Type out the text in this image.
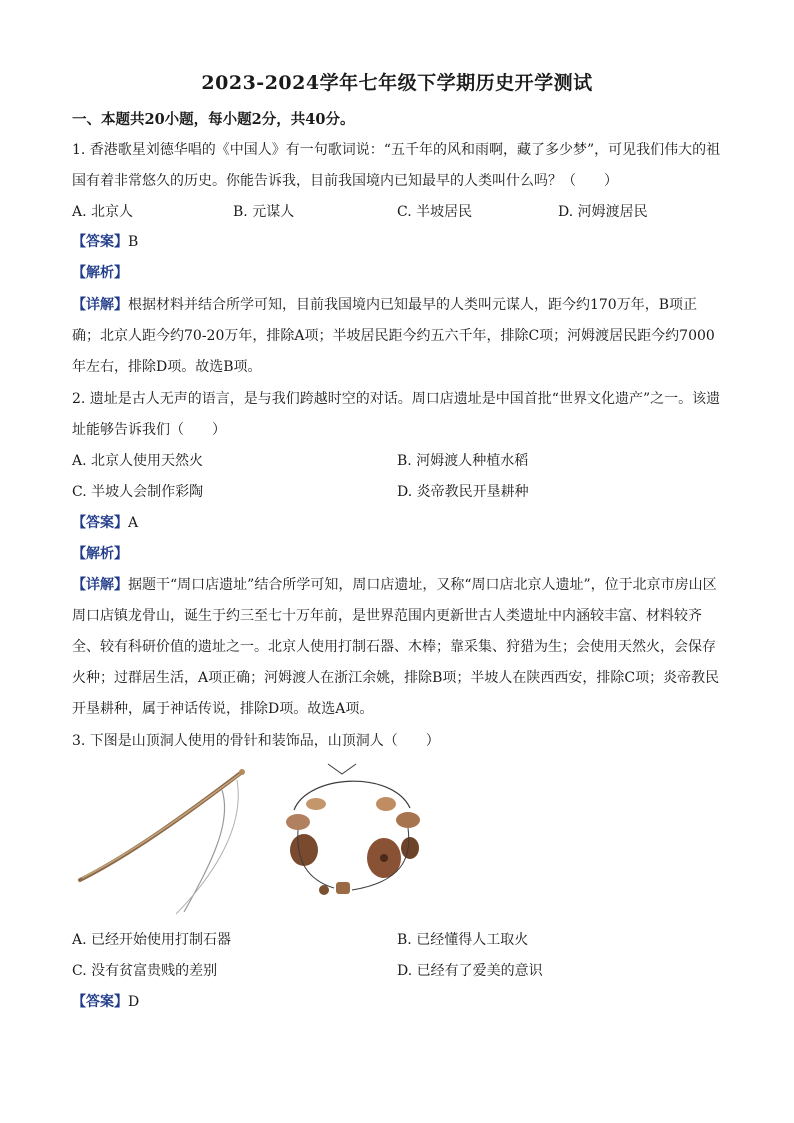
2023-2024学年七年级下学期历史开学测试
一、本题共20小题，每小题2分，共40分。

1. 香港歌星刘德华唱的《中国人》有一句歌词说：“五千年的风和雨啊，藏了多少梦”，可见我们伟大的祖国有着非常悠久的历史。你能告诉我，目前我国境内已知最早的人类叫什么吗？（　　）

A. 北京人	B. 元谋人	C. 半坡居民	D. 河姆渡居民
【答案】B
【解析】

【详解】根据材料并结合所学可知，目前我国境内已知最早的人类叫元谋人，距今约170万年，B项正确；北京人距今约70-20万年，排除A项；半坡居民距今约五六千年，排除C项；河姆渡居民距今约7000年左右，排除D项。故选B项。

2. 遗址是古人无声的语言，是与我们跨越时空的对话。周口店遗址是中国首批“世界文化遗产”之一。该遗址能够告诉我们（　　）

A. 北京人使用天然火	B. 河姆渡人种植水稻
C. 半坡人会制作彩陶	D. 炎帝教民开垦耕种
【答案】A
【解析】

【详解】据题干“周口店遗址”结合所学可知，周口店遗址，又称“周口店北京人遗址”，位于北京市房山区周口店镇龙骨山，诞生于约三至七十万年前，是世界范围内更新世古人类遗址中内涵较丰富、材料较齐全、较有科研价值的遗址之一。北京人使用打制石器、木棒；靠采集、狩猎为生；会使用天然火，会保存火种；过群居生活，A项正确；河姆渡人在浙江余姚，排除B项；半坡人在陕西西安，排除C项；炎帝教民开垦耕种，属于神话传说，排除D项。故选A项。

3. 下图是山顶洞人使用的骨针和装饰品，山顶洞人（　　）

A. 已经开始使用打制石器	B. 已经懂得人工取火
C. 没有贫富贵贱的差别	D. 已经有了爱美的意识
【答案】D
